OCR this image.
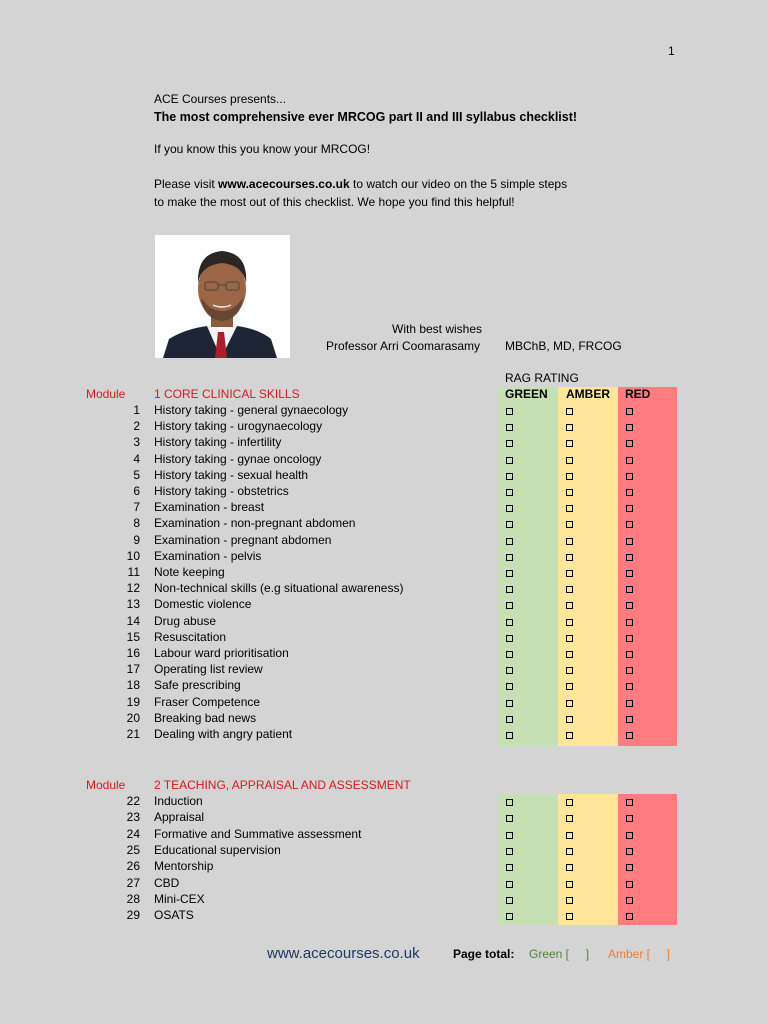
1
ACE Courses presents...
The most comprehensive ever MRCOG part II and III syllabus checklist!
If you know this you know your MRCOG!
Please visit www.acecourses.co.uk to watch our video on the 5 simple steps
to make the most out of this checklist. We hope you find this helpful!
With best wishes
Professor Arri Coomarasamy MBChB, MD, FRCOG
RAG RATING
GREEN AMBER RED
Module 1 CORE CLINICAL SKILLS
1 History taking - general gynaecology
2 History taking - urogynaecology
3 History taking - infertility
4 History taking - gynae oncology
5 History taking - sexual health
6 History taking - obstetrics
7 Examination - breast
8 Examination - non-pregnant abdomen
9 Examination - pregnant abdomen
10 Examination - pelvis
11 Note keeping
12 Non-technical skills (e.g situational awareness)
13 Domestic violence
14 Drug abuse
15 Resuscitation
16 Labour ward prioritisation
17 Operating list review
18 Safe prescribing
19 Fraser Competence
20 Breaking bad news
21 Dealing with angry patient
Module 2 TEACHING, APPRAISAL AND ASSESSMENT
22 Induction
23 Appraisal
24 Formative and Summative assessment
25 Educational supervision
26 Mentorship
27 CBD
28 Mini-CEX
29 OSATS
www.acecourses.co.uk	Page total: Green [     ] Amber [     ]
